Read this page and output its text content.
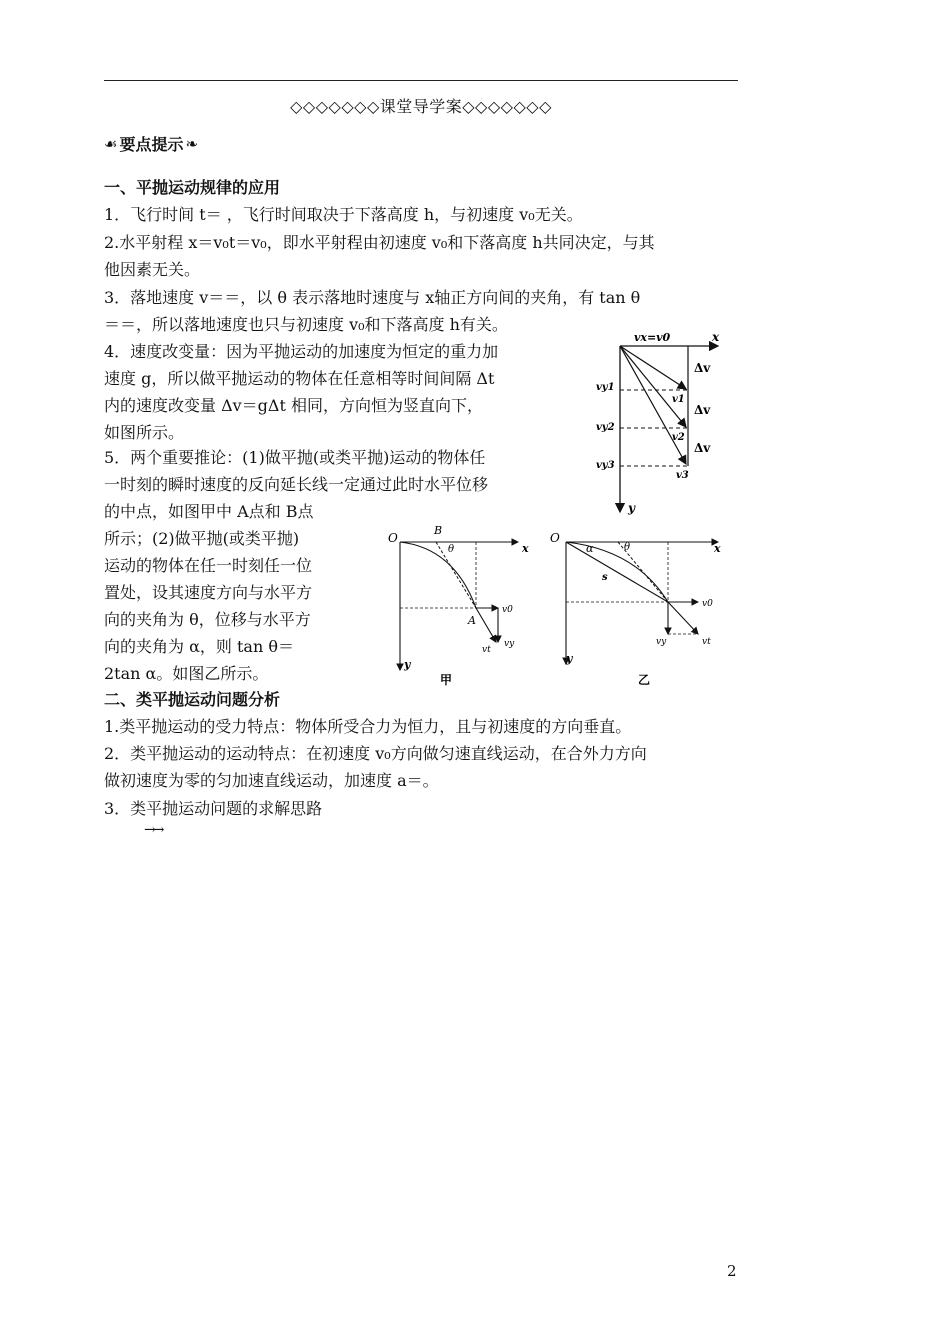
◇◇◇◇◇◇◇课堂导学案◇◇◇◇◇◇◇
☙ 要点提示 ❧
一、平抛运动规律的应用
1．飞行时间 t＝ ，飞行时间取决于下落高度 h，与初速度 v₀无关。
2.水平射程 x＝v₀t＝v₀，即水平射程由初速度 v₀和下落高度 h共同决定，与其
他因素无关。
3．落地速度 v＝＝，以 θ 表示落地时速度与 x轴正方向间的夹角，有 tan θ
＝＝，所以落地速度也只与初速度 v₀和下落高度 h有关。
4．速度改变量：因为平抛运动的加速度为恒定的重力加
速度 g，所以做平抛运动的物体在任意相等时间间隔 Δt
内的速度改变量 Δv＝gΔt 相同，方向恒为竖直向下，
如图所示。
5．两个重要推论：(1)做平抛(或类平抛)运动的物体任
一时刻的瞬时速度的反向延长线一定通过此时水平位移
的中点，如图甲中 A点和 B点
所示；(2)做平抛(或类平抛)
运动的物体在任一时刻任一位
置处，设其速度方向与水平方
向的夹角为 θ，位移与水平方
向的夹角为 α，则 tan θ＝
2tan α。如图乙所示。
二、类平抛运动问题分析
1.类平抛运动的受力特点：物体所受合力为恒力，且与初速度的方向垂直。
2．类平抛运动的运动特点：在初速度 v₀方向做匀速直线运动，在合外力方向
做初速度为零的匀加速直线运动，加速度 a＝。
3．类平抛运动问题的求解思路
→→
2
vx=v0	x
y
Δv
Δv
Δv
vy1
vy2
vy3
v1
v2
v3
O
B
θ	x
y
A
v0
vy
vt
甲
O
α	θ
s
x
y
v0
vy	vt
乙
